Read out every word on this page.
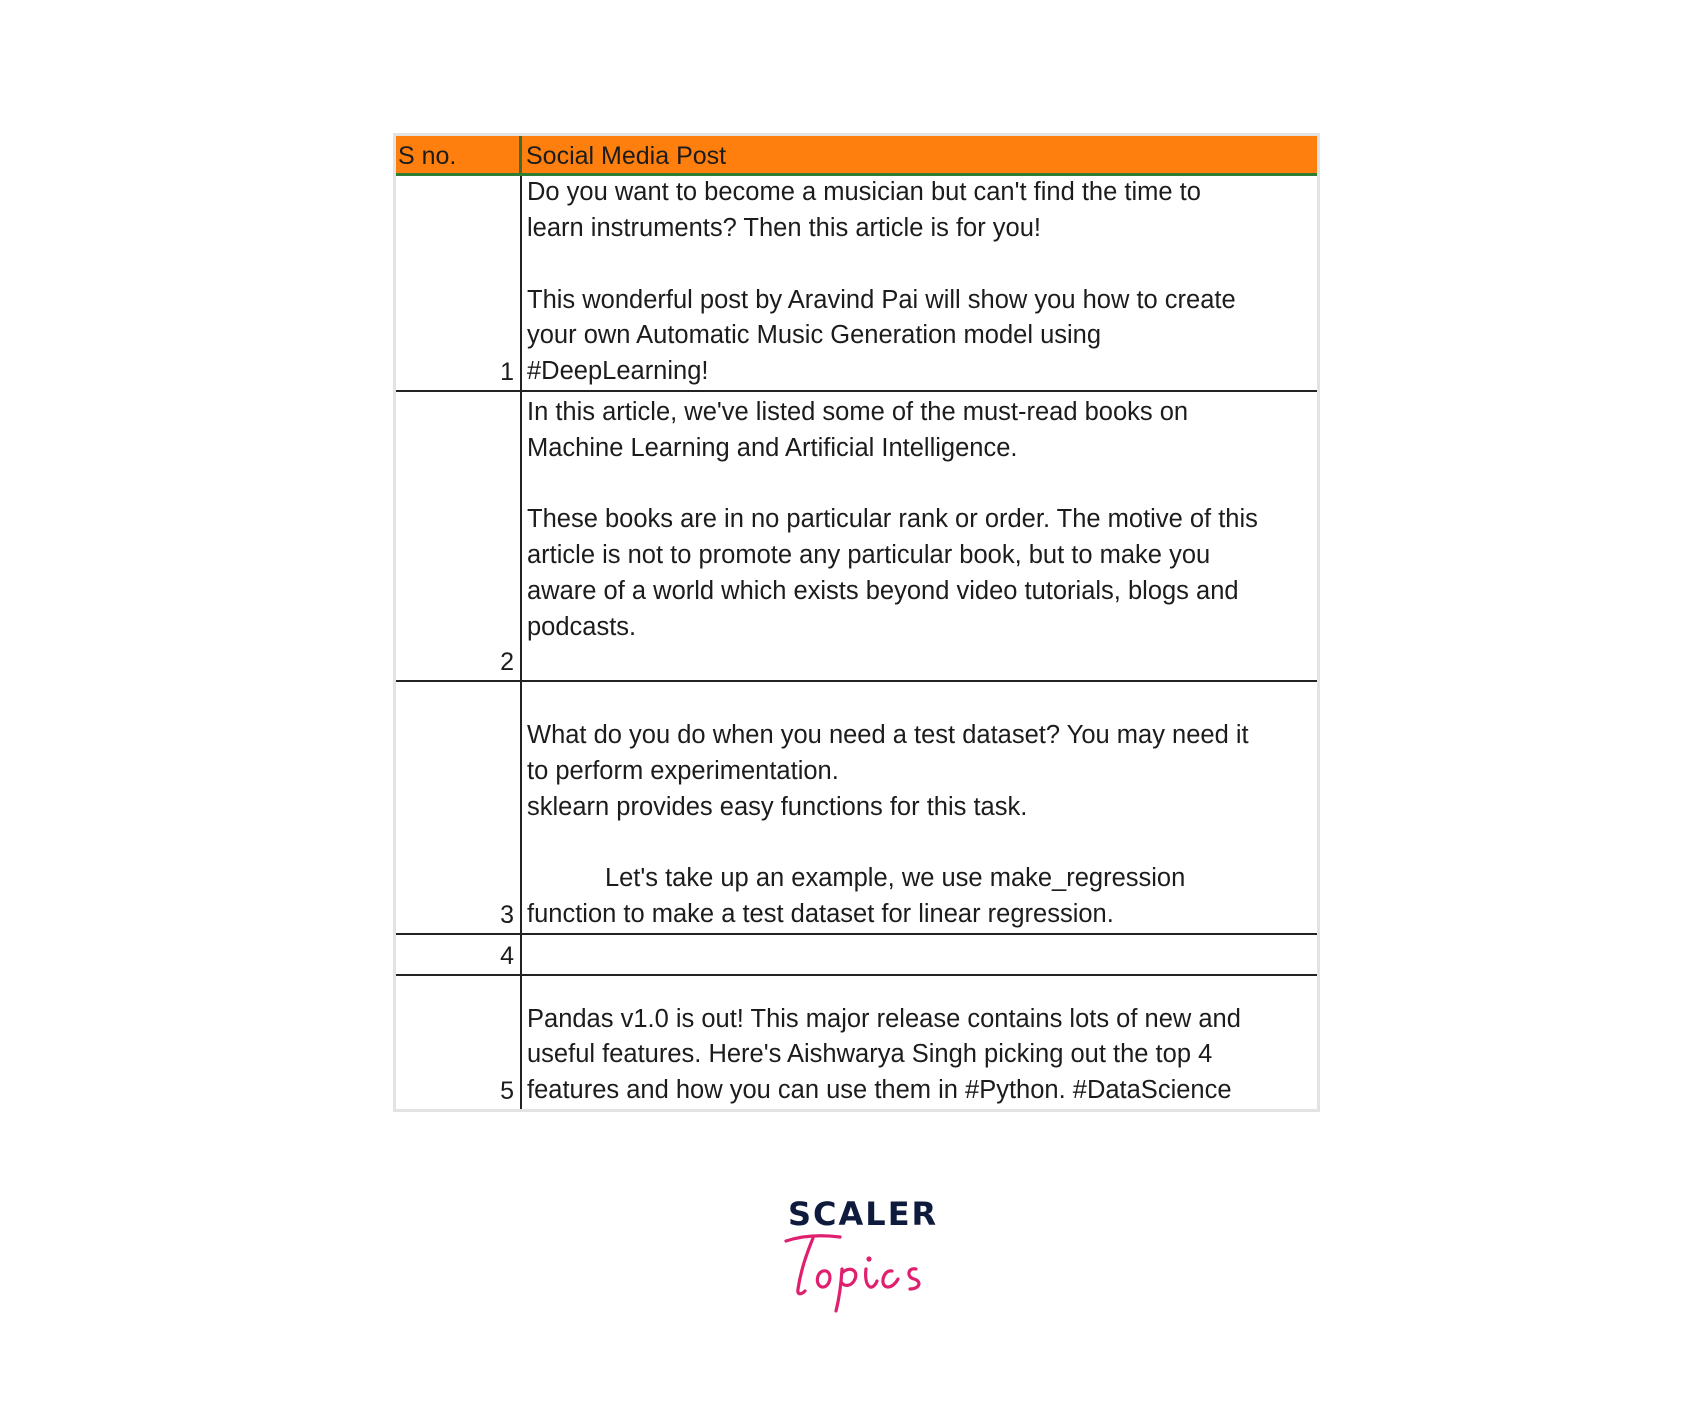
S no.	Social Media Post
1
Do you want to become a musician but can't find the time to
learn instruments? Then this article is for you!

This wonderful post by Aravind Pai will show you how to create
your own Automatic Music Generation model using
#DeepLearning!
2
In this article, we've listed some of the must-read books on
Machine Learning and Artificial Intelligence.

These books are in no particular rank or order. The motive of this
article is not to promote any particular book, but to make you
aware of a world which exists beyond video tutorials, blogs and
podcasts.
3
What do you do when you need a test dataset? You may need it
to perform experimentation.
sklearn provides easy functions for this task.

Let's take up an example, we use make_regression
function to make a test dataset for linear regression.
4
5
Pandas v1.0 is out! This major release contains lots of new and
useful features. Here's Aishwarya Singh picking out the top 4
features and how you can use them in #Python. #DataScience
SCALER
